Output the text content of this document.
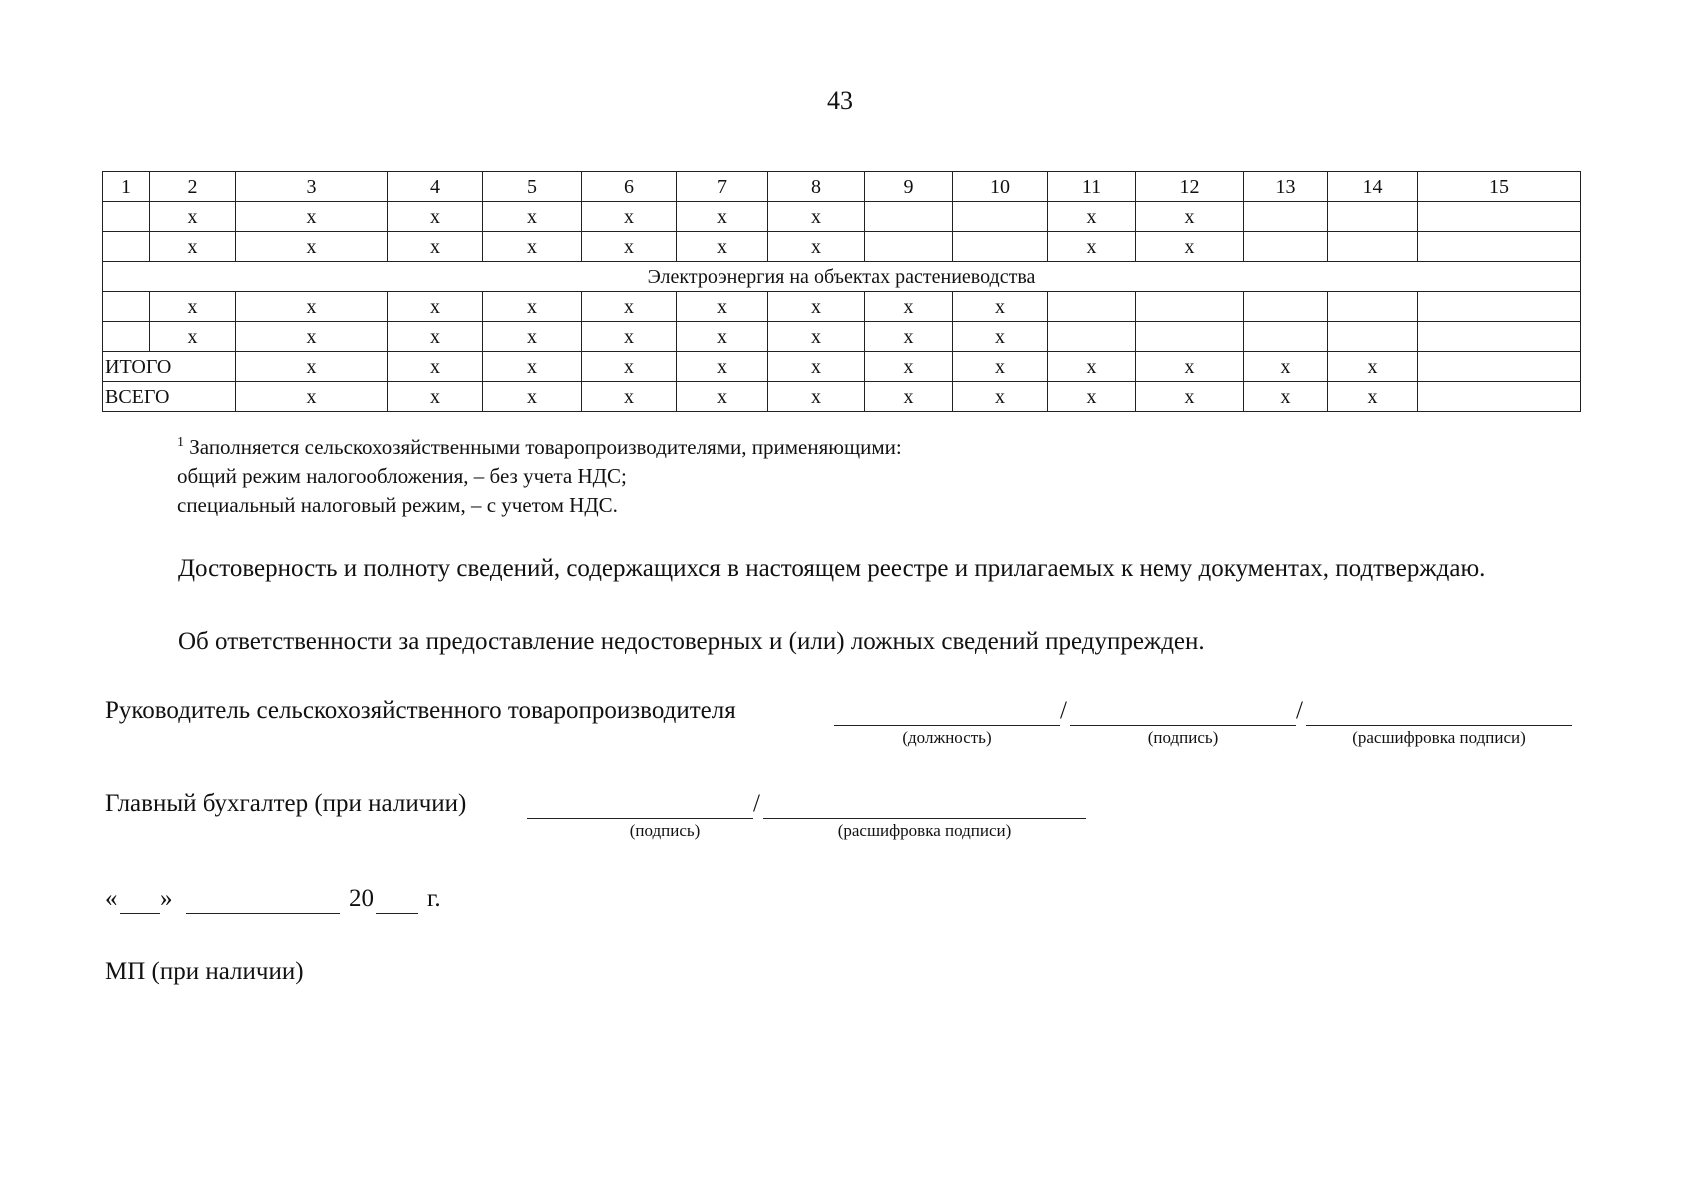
43
1	2	3	4	5	6	7	8	9	10	11	12	13	14	15
	х	х	х	х	х	х	х			х	х			
	х	х	х	х	х	х	х			х	х			
Электроэнергия на объектах растениеводства														
	х	х	х	х	х	х	х	х	х					
	х	х	х	х	х	х	х	х	х					
ИТОГО		х	х	х	х	х	х	х	х	х	х	х	х	
ВСЕГО		х	х	х	х	х	х	х	х	х	х	х	х	
$^1$ Заполняется сельскохозяйственными товаропроизводителями, применяющими:
общий режим налогообложения, – без учета НДС;
специальный налоговый режим, – с учетом НДС.
Достоверность и полноту сведений, содержащихся в настоящем реестре и прилагаемых к нему документах, подтверждаю.
Об ответственности за предоставление недостоверных и (или) ложных сведений предупрежден.
Руководитель сельскохозяйственного товаропроизводителя	/	/
(должность)	(подпись)	(расшифровка подписи)
Главный бухгалтер (при наличии)	/
(подпись)	(расшифровка подписи)
« »	20 г.
МП (при наличии)
